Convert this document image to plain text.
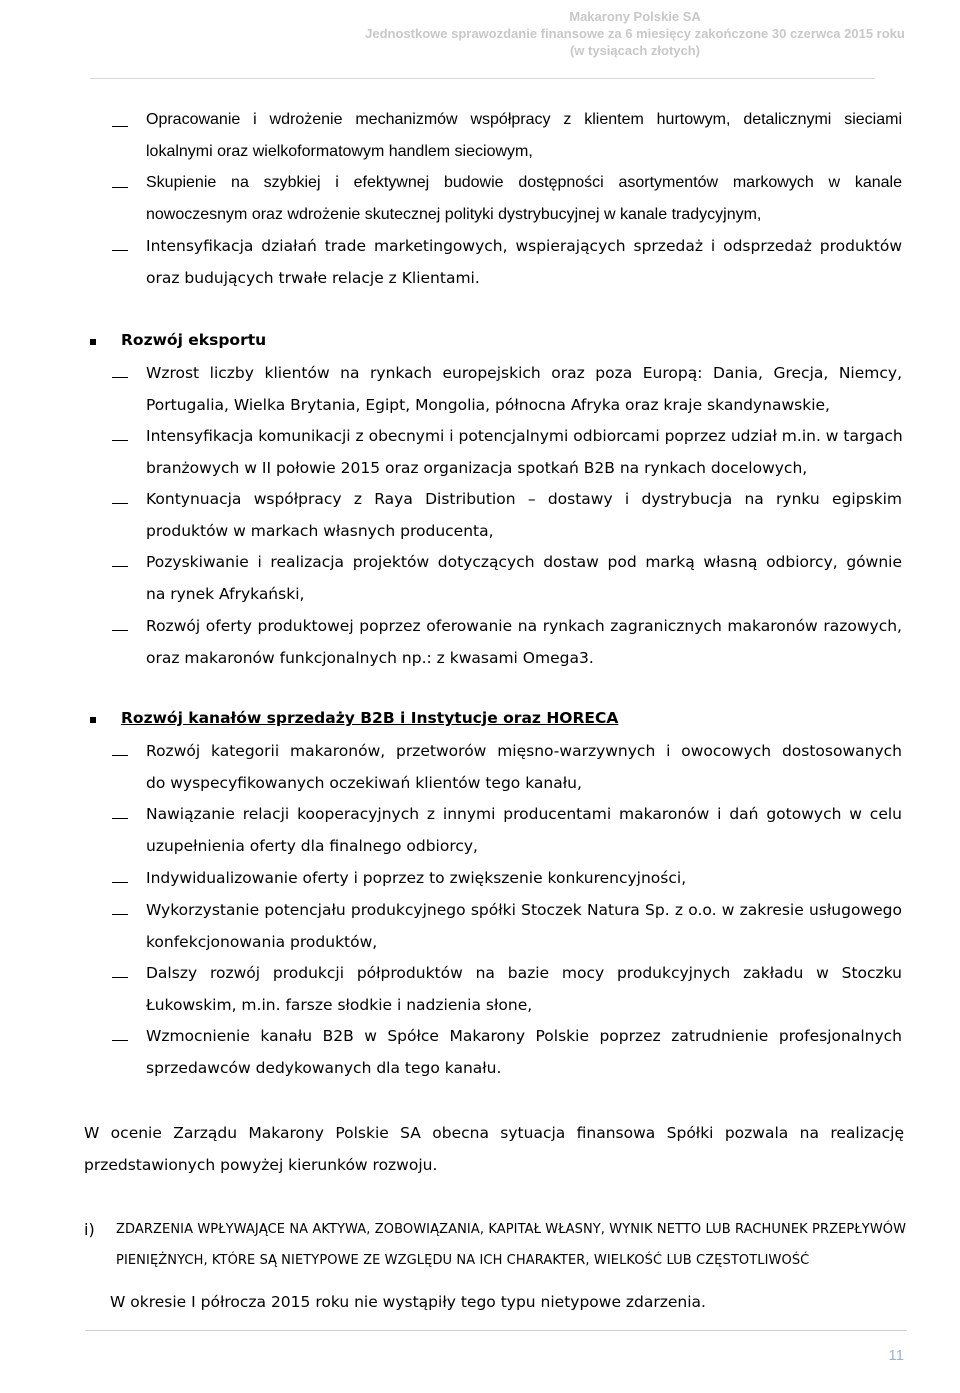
Makarony Polskie SA
Jednostkowe sprawozdanie finansowe za 6 miesięcy zakończone 30 czerwca 2015 roku
(w tysiącach złotych)
Opracowanie i wdrożenie mechanizmów współpracy z klientem hurtowym, detalicznymi sieciami
lokalnymi oraz wielkoformatowym handlem sieciowym,
Skupienie na szybkiej i efektywnej budowie dostępności asortymentów markowych w kanale
nowoczesnym oraz wdrożenie skutecznej polityki dystrybucyjnej w kanale tradycyjnym,
Intensyfikacja działań trade marketingowych, wspierających sprzedaż i odsprzedaż produktów
oraz budujących trwałe relacje z Klientami.
Rozwój eksportu
Wzrost liczby klientów na rynkach europejskich oraz poza Europą: Dania, Grecja, Niemcy,
Portugalia, Wielka Brytania, Egipt, Mongolia, północna Afryka oraz kraje skandynawskie,
Intensyfikacja komunikacji z obecnymi i potencjalnymi odbiorcami poprzez udział m.in. w targach
branżowych w II połowie 2015 oraz organizacja spotkań B2B na rynkach docelowych,
Kontynuacja współpracy z Raya Distribution – dostawy i dystrybucja na rynku egipskim
produktów w markach własnych producenta,
Pozyskiwanie i realizacja projektów dotyczących dostaw pod marką własną odbiorcy, gównie
na rynek Afrykański,
Rozwój oferty produktowej poprzez oferowanie na rynkach zagranicznych makaronów razowych,
oraz makaronów funkcjonalnych np.: z kwasami Omega3.
Rozwój kanałów sprzedaży B2B i Instytucje oraz HORECA
Rozwój kategorii makaronów, przetworów mięsno-warzywnych i owocowych dostosowanych
do wyspecyfikowanych oczekiwań klientów tego kanału,
Nawiązanie relacji kooperacyjnych z innymi producentami makaronów i dań gotowych w celu
uzupełnienia oferty dla finalnego odbiorcy,
Indywidualizowanie oferty i poprzez to zwiększenie konkurencyjności,
Wykorzystanie potencjału produkcyjnego spółki Stoczek Natura Sp. z o.o. w zakresie usługowego
konfekcjonowania produktów,
Dalszy rozwój produkcji półproduktów na bazie mocy produkcyjnych zakładu w Stoczku
Łukowskim, m.in. farsze słodkie i nadzienia słone,
Wzmocnienie kanału B2B w Spółce Makarony Polskie poprzez zatrudnienie profesjonalnych
sprzedawców dedykowanych dla tego kanału.
W ocenie Zarządu Makarony Polskie SA obecna sytuacja finansowa Spółki pozwala na realizację
przedstawionych powyżej kierunków rozwoju.
i) ZDARZENIA WPŁYWAJĄCE NA AKTYWA, ZOBOWIĄZANIA, KAPITAŁ WŁASNY, WYNIK NETTO LUB RACHUNEK PRZEPŁYWÓW
PIENIĘŻNYCH, KTÓRE SĄ NIETYPOWE ZE WZGLĘDU NA ICH CHARAKTER, WIELKOŚĆ LUB CZĘSTOTLIWOŚĆ
W okresie I półrocza 2015 roku nie wystąpiły tego typu nietypowe zdarzenia.
11
